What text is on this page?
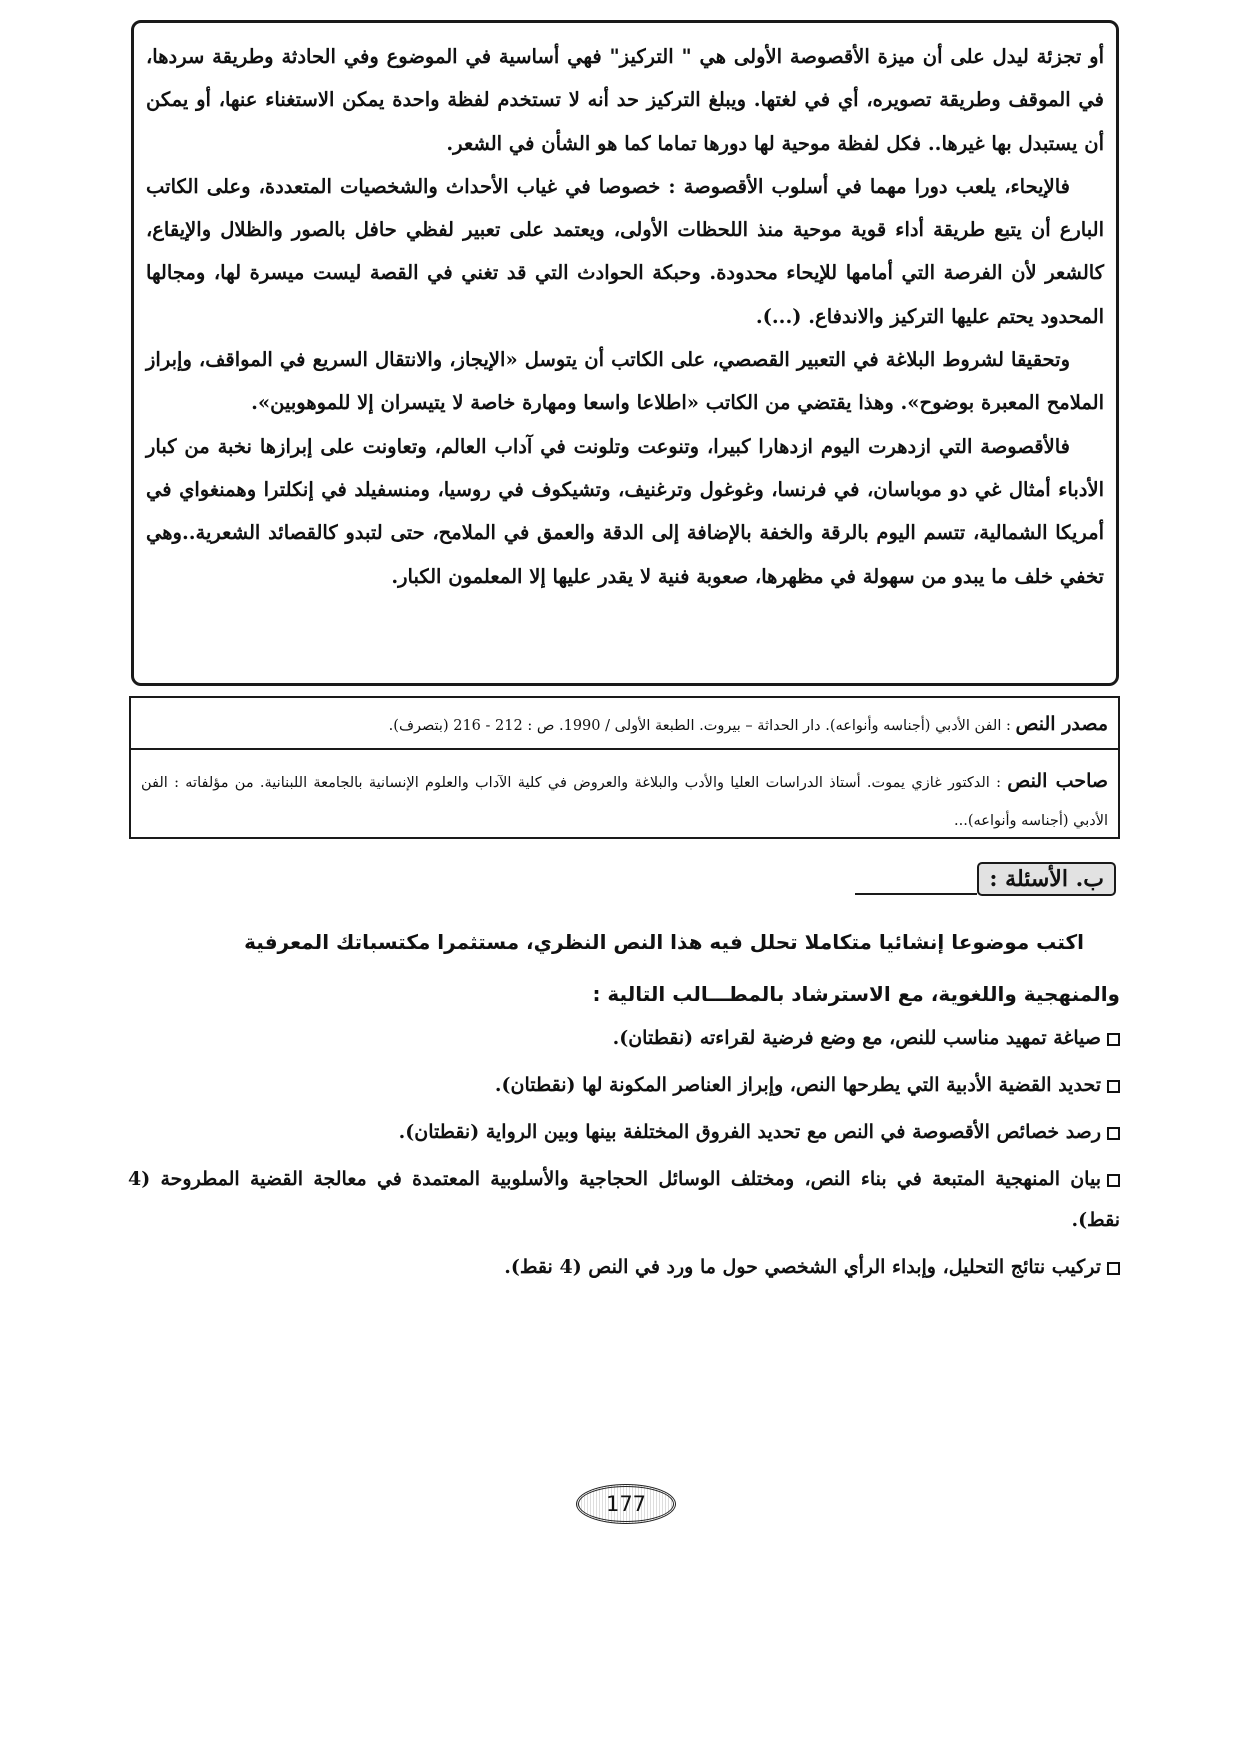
أو تجزئة ليدل على أن ميزة الأقصوصة الأولى هي " التركيز" فهي أساسية في الموضوع وفي الحادثة وطريقة سردها، في الموقف وطريقة تصويره، أي في لغتها. ويبلغ التركيز حد أنه لا تستخدم لفظة واحدة يمكن الاستغناء عنها، أو يمكن أن يستبدل بها غيرها.. فكل لفظة موحية لها دورها تماما كما هو الشأن في الشعر.

فالإيحاء، يلعب دورا مهما في أسلوب الأقصوصة : خصوصا في غياب الأحداث والشخصيات المتعددة، وعلى الكاتب البارع أن يتبع طريقة أداء قوية موحية منذ اللحظات الأولى، ويعتمد على تعبير لفظي حافل بالصور والظلال والإيقاع، كالشعر لأن الفرصة التي أمامها للإيحاء محدودة. وحبكة الحوادث التي قد تغني في القصة ليست ميسرة لها، ومجالها المحدود يحتم عليها التركيز والاندفاع. (...).

وتحقيقا لشروط البلاغة في التعبير القصصي، على الكاتب أن يتوسل «الإيجاز، والانتقال السريع في المواقف، وإبراز الملامح المعبرة بوضوح». وهذا يقتضي من الكاتب «اطلاعا واسعا ومهارة خاصة لا يتيسران إلا للموهوبين».

فالأقصوصة التي ازدهرت اليوم ازدهارا كبيرا، وتنوعت وتلونت في آداب العالم، وتعاونت على إبرازها نخبة من كبار الأدباء أمثال غي دو موباسان، في فرنسا، وغوغول وترغنيف، وتشيكوف في روسيا، ومنسفيلد في إنكلترا وهمنغواي في أمريكا الشمالية، تتسم اليوم بالرقة والخفة بالإضافة إلى الدقة والعمق في الملامح، حتى لتبدو كالقصائد الشعرية..وهي تخفي خلف ما يبدو من سهولة في مظهرها، صعوبة فنية لا يقدر عليها إلا المعلمون الكبار.

مصدر النص : الفن الأدبي (أجناسه وأنواعه). دار الحداثة – بيروت. الطبعة الأولى / 1990. ص : 212 - 216 (بتصرف).
صاحب النص : الدكتور غازي يموت. أستاذ الدراسات العليا والأدب والبلاغة والعروض في كلية الآداب والعلوم الإنسانية بالجامعة اللبنانية. من مؤلفاته : الفن الأدبي (أجناسه وأنواعه)...
ب. الأسئلة :

اكتب موضوعا إنشائيا متكاملا تحلل فيه هذا النص النظري، مستثمرا مكتسباتك المعرفية

والمنهجية واللغوية، مع الاسترشاد بالمطـــالب التالية :

صياغة تمهيد مناسب للنص، مع وضع فرضية لقراءته (نقطتان).
تحديد القضية الأدبية التي يطرحها النص، وإبراز العناصر المكونة لها (نقطتان).
رصد خصائص الأقصوصة في النص مع تحديد الفروق المختلفة بينها وبين الرواية (نقطتان).
بيان المنهجية المتبعة في بناء النص، ومختلف الوسائل الحجاجية والأسلوبية المعتمدة في معالجة القضية المطروحة (4 نقط).
تركيب نتائج التحليل، وإبداء الرأي الشخصي حول ما ورد في النص (4 نقط).
177
